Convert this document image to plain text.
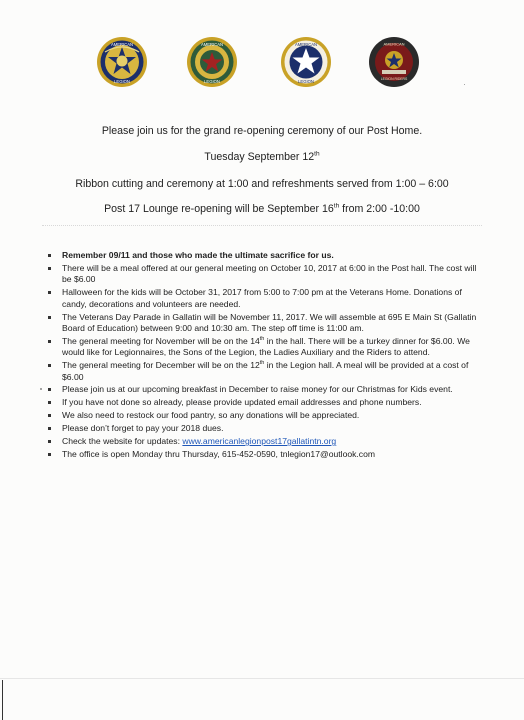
AMERICAN
LEGION
AMERICAN
LEGION
AMERICAN
LEGION
AMERICAN
LEGION RIDERS
Please join us for the grand re-opening ceremony of our Post Home.
Tuesday September 12th
Ribbon cutting and ceremony at 1:00 and refreshments served from 1:00 – 6:00
Post 17 Lounge re-opening will be September 16th from 2:00 -10:00
Remember 09/11 and those who made the ultimate sacrifice for us.
There will be a meal offered at our general meeting on October 10, 2017 at 6:00 in the Post hall. The cost will be $6.00
Halloween for the kids will be October 31, 2017 from 5:00 to 7:00 pm at the Veterans Home. Donations of candy, decorations and volunteers are needed.
The Veterans Day Parade in Gallatin will be November 11, 2017. We will assemble at 695 E Main St (Gallatin Board of Education) between 9:00 and 10:30 am. The step off time is 11:00 am.
The general meeting for November will be on the 14th in the hall. There will be a turkey dinner for $6.00. We would like for Legionnaires, the Sons of the Legion, the Ladies Auxiliary and the Riders to attend.
The general meeting for December will be on the 12th in the Legion hall. A meal will be provided at a cost of $6.00
Please join us at our upcoming breakfast in December to raise money for our Christmas for Kids event.
If you have not done so already, please provide updated email addresses and phone numbers.
We also need to restock our food pantry, so any donations will be appreciated.
Please don’t forget to pay your 2018 dues.
Check the website for updates: www.americanlegionpost17gallatintn.org
The office is open Monday thru Thursday, 615-452-0590, tnlegion17@outlook.com
